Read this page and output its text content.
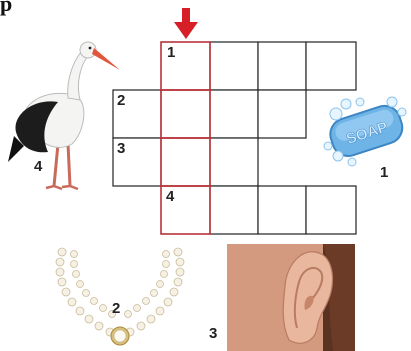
p
1
2
3
4
4
SOAP
1
2
3
